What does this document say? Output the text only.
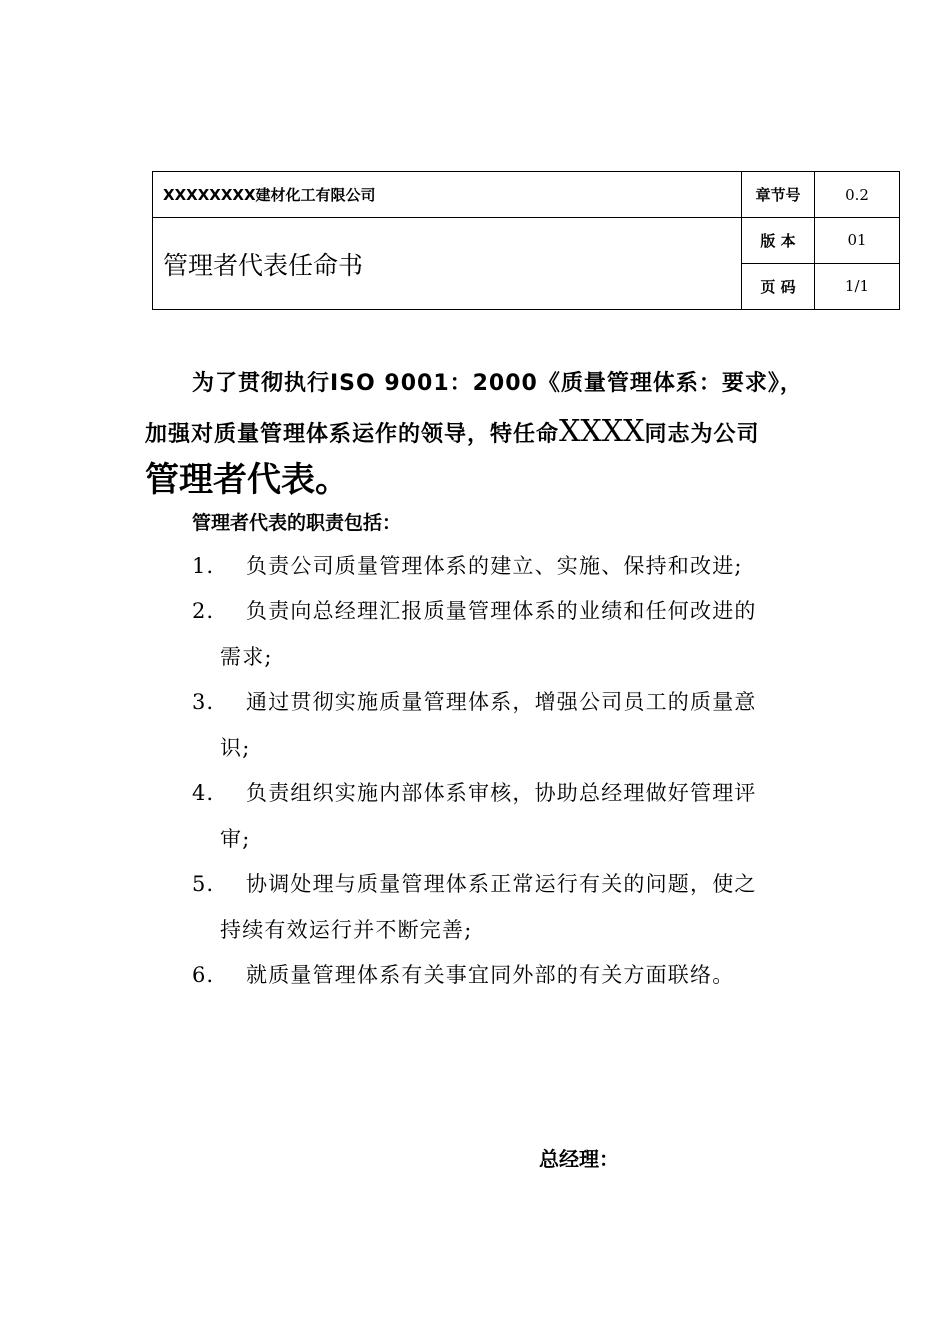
XXXXXXXX建材化工有限公司	章节号	0.2
管理者代表任命书	版 本	01
	页 码	1/1
为了贯彻执行ISO 9001：2000《质量管理体系：要求》，
加强对质量管理体系运作的领导，特任命XXXX同志为公司
管理者代表。
管理者代表的职责包括：
1． 负责公司质量管理体系的建立、实施、保持和改进;
2． 负责向总经理汇报质量管理体系的业绩和任何改进的
需求;
3． 通过贯彻实施质量管理体系，增强公司员工的质量意
识;
4． 负责组织实施内部体系审核，协助总经理做好管理评
审;
5． 协调处理与质量管理体系正常运行有关的问题，使之
持续有效运行并不断完善;
6． 就质量管理体系有关事宜同外部的有关方面联络。
总经理：
